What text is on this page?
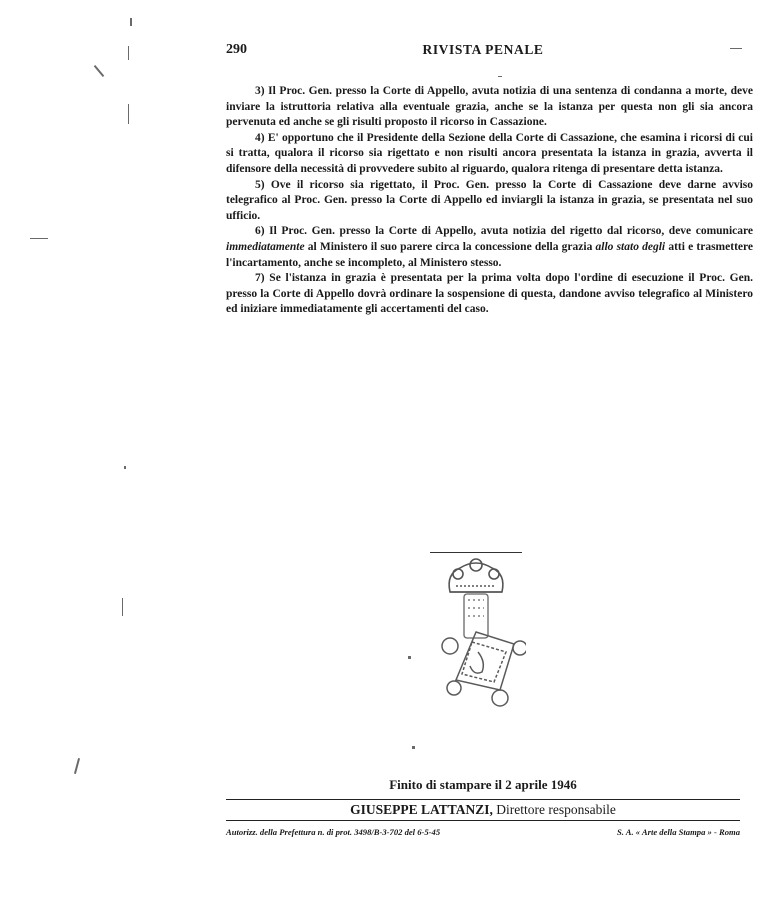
290	RIVISTA PENALE

3) Il Proc. Gen. presso la Corte di Appello, avuta notizia di una sentenza di condanna a morte, deve inviare la istruttoria relativa alla eventuale grazia, anche se la istanza per questa non gli sia ancora pervenuta ed anche se gli risulti proposto il ricorso in Cassazione.

4) E' opportuno che il Presidente della Sezione della Corte di Cassazione, che esamina i ricorsi di cui si tratta, qualora il ricorso sia rigettato e non risulti ancora presentata la istanza in grazia, avverta il difensore della necessità di provvedere subito al riguardo, qualora ritenga di presentare detta istanza.

5) Ove il ricorso sia rigettato, il Proc. Gen. presso la Corte di Cassazione deve darne avviso telegrafico al Proc. Gen. presso la Corte di Appello ed inviargli la istanza in grazia, se presentata nel suo ufficio.

6) Il Proc. Gen. presso la Corte di Appello, avuta notizia del rigetto dal ricorso, deve comunicare immediatamente al Ministero il suo parere circa la concessione della grazia allo stato degli atti e trasmettere l'incartamento, anche se incompleto, al Ministero stesso.

7) Se l'istanza in grazia è presentata per la prima volta dopo l'ordine di esecuzione il Proc. Gen. presso la Corte di Appello dovrà ordinare la sospensione di questa, dandone avviso telegrafico al Ministero ed iniziare immediatamente gli accertamenti del caso.

Finito di stampare il 2 aprile 1946
GIUSEPPE LATTANZI, Direttore responsabile
Autorizz. della Prefettura n. di prot. 3498/B-3-702 del 6-5-45	S. A. « Arte della Stampa » - Roma
